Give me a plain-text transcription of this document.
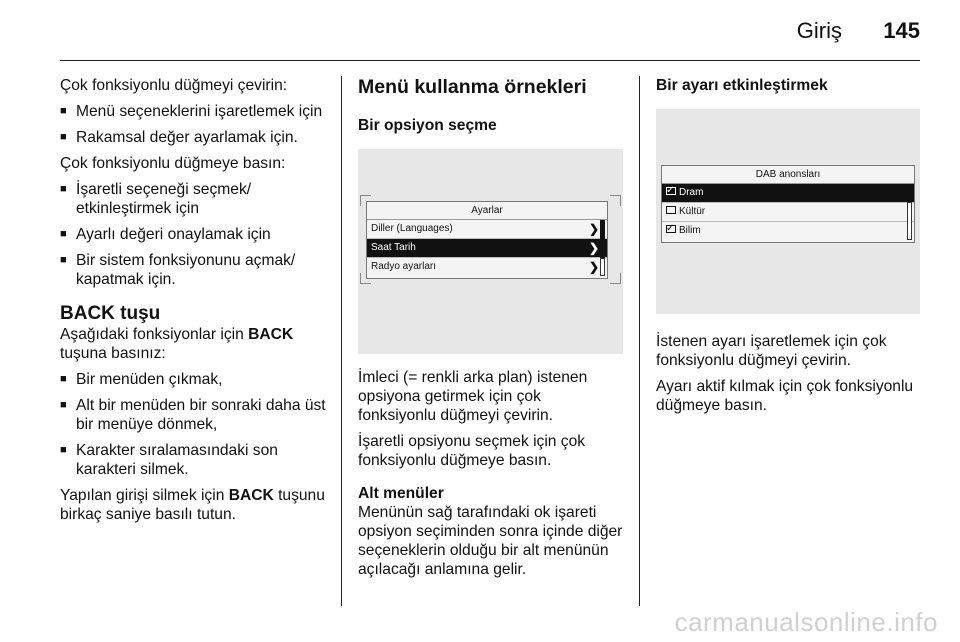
Giriş 145

Çok fonksiyonlu düğmeyi çevirin:

■ Menü seçeneklerini işaretlemek için
■ Rakamsal değer ayarlamak için.

Çok fonksiyonlu düğmeye basın:

■ İşaretli seçeneği seçmek/ etkinleştirmek için
■ Ayarlı değeri onaylamak için
■ Bir sistem fonksiyonunu açmak/ kapatmak için.
BACK tuşu

Aşağıdaki fonksiyonlar için BACK tuşuna basınız:

■ Bir menüden çıkmak,
■ Alt bir menüden bir sonraki daha üst bir menüye dönmek,
■ Karakter sıralamasındaki son karakteri silmek.

Yapılan girişi silmek için BACK tuşunu birkaç saniye basılı tutun.

Menü kullanma örnekleri
Bir opsiyon seçme
Ayarlar
Diller (Languages)	❯
Saat Tarih	❯
Radyo ayarları	❯

İmleci (= renkli arka plan) istenen opsiyona getirmek için çok fonksiyonlu düğmeyi çevirin.

İşaretli opsiyonu seçmek için çok fonksiyonlu düğmeye basın.

Alt menüler

Menünün sağ tarafındaki ok işareti opsiyon seçiminden sonra içinde diğer seçeneklerin olduğu bir alt menünün açılacağı anlamına gelir.

Bir ayarı etkinleştirmek
DAB anonsları
✓Dram
Kültür
✓Bilim

İstenen ayarı işaretlemek için çok fonksiyonlu düğmeyi çevirin.

Ayarı aktif kılmak için çok fonksiyonlu düğmeye basın.

carmanualsonline.info
